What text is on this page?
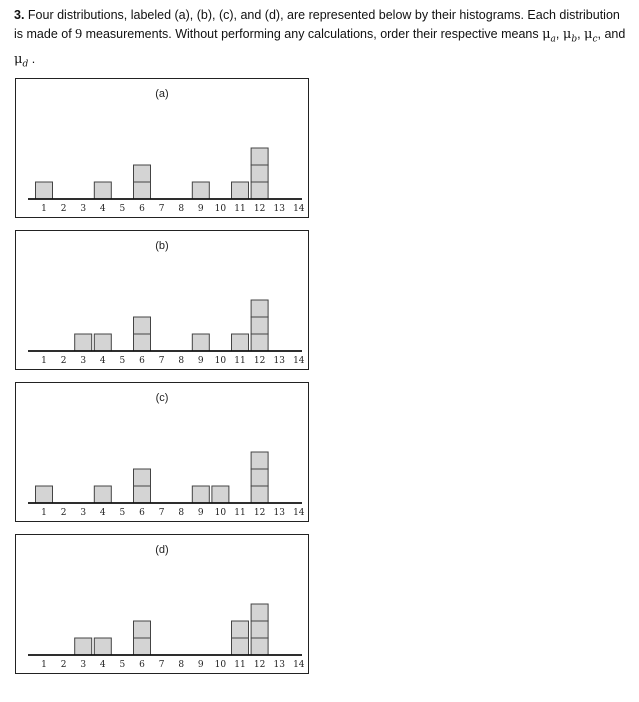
3. Four distributions, labeled (a), (b), (c), and (d), are represented below by their histograms. Each distribution is made of 9 measurements. Without performing any calculations, order their respective means $\mu_a$, $\mu_b$, $\mu_c$, and
$\mu_d$ .
1 2 3 4 5 6 7 8 9 10 11 12 13 14
(a)
1 2 3 4 5 6 7 8 9 10 11 12 13 14
(b)
1 2 3 4 5 6 7 8 9 10 11 12 13 14
(c)
1 2 3 4 5 6 7 8 9 10 11 12 13 14
(d)
